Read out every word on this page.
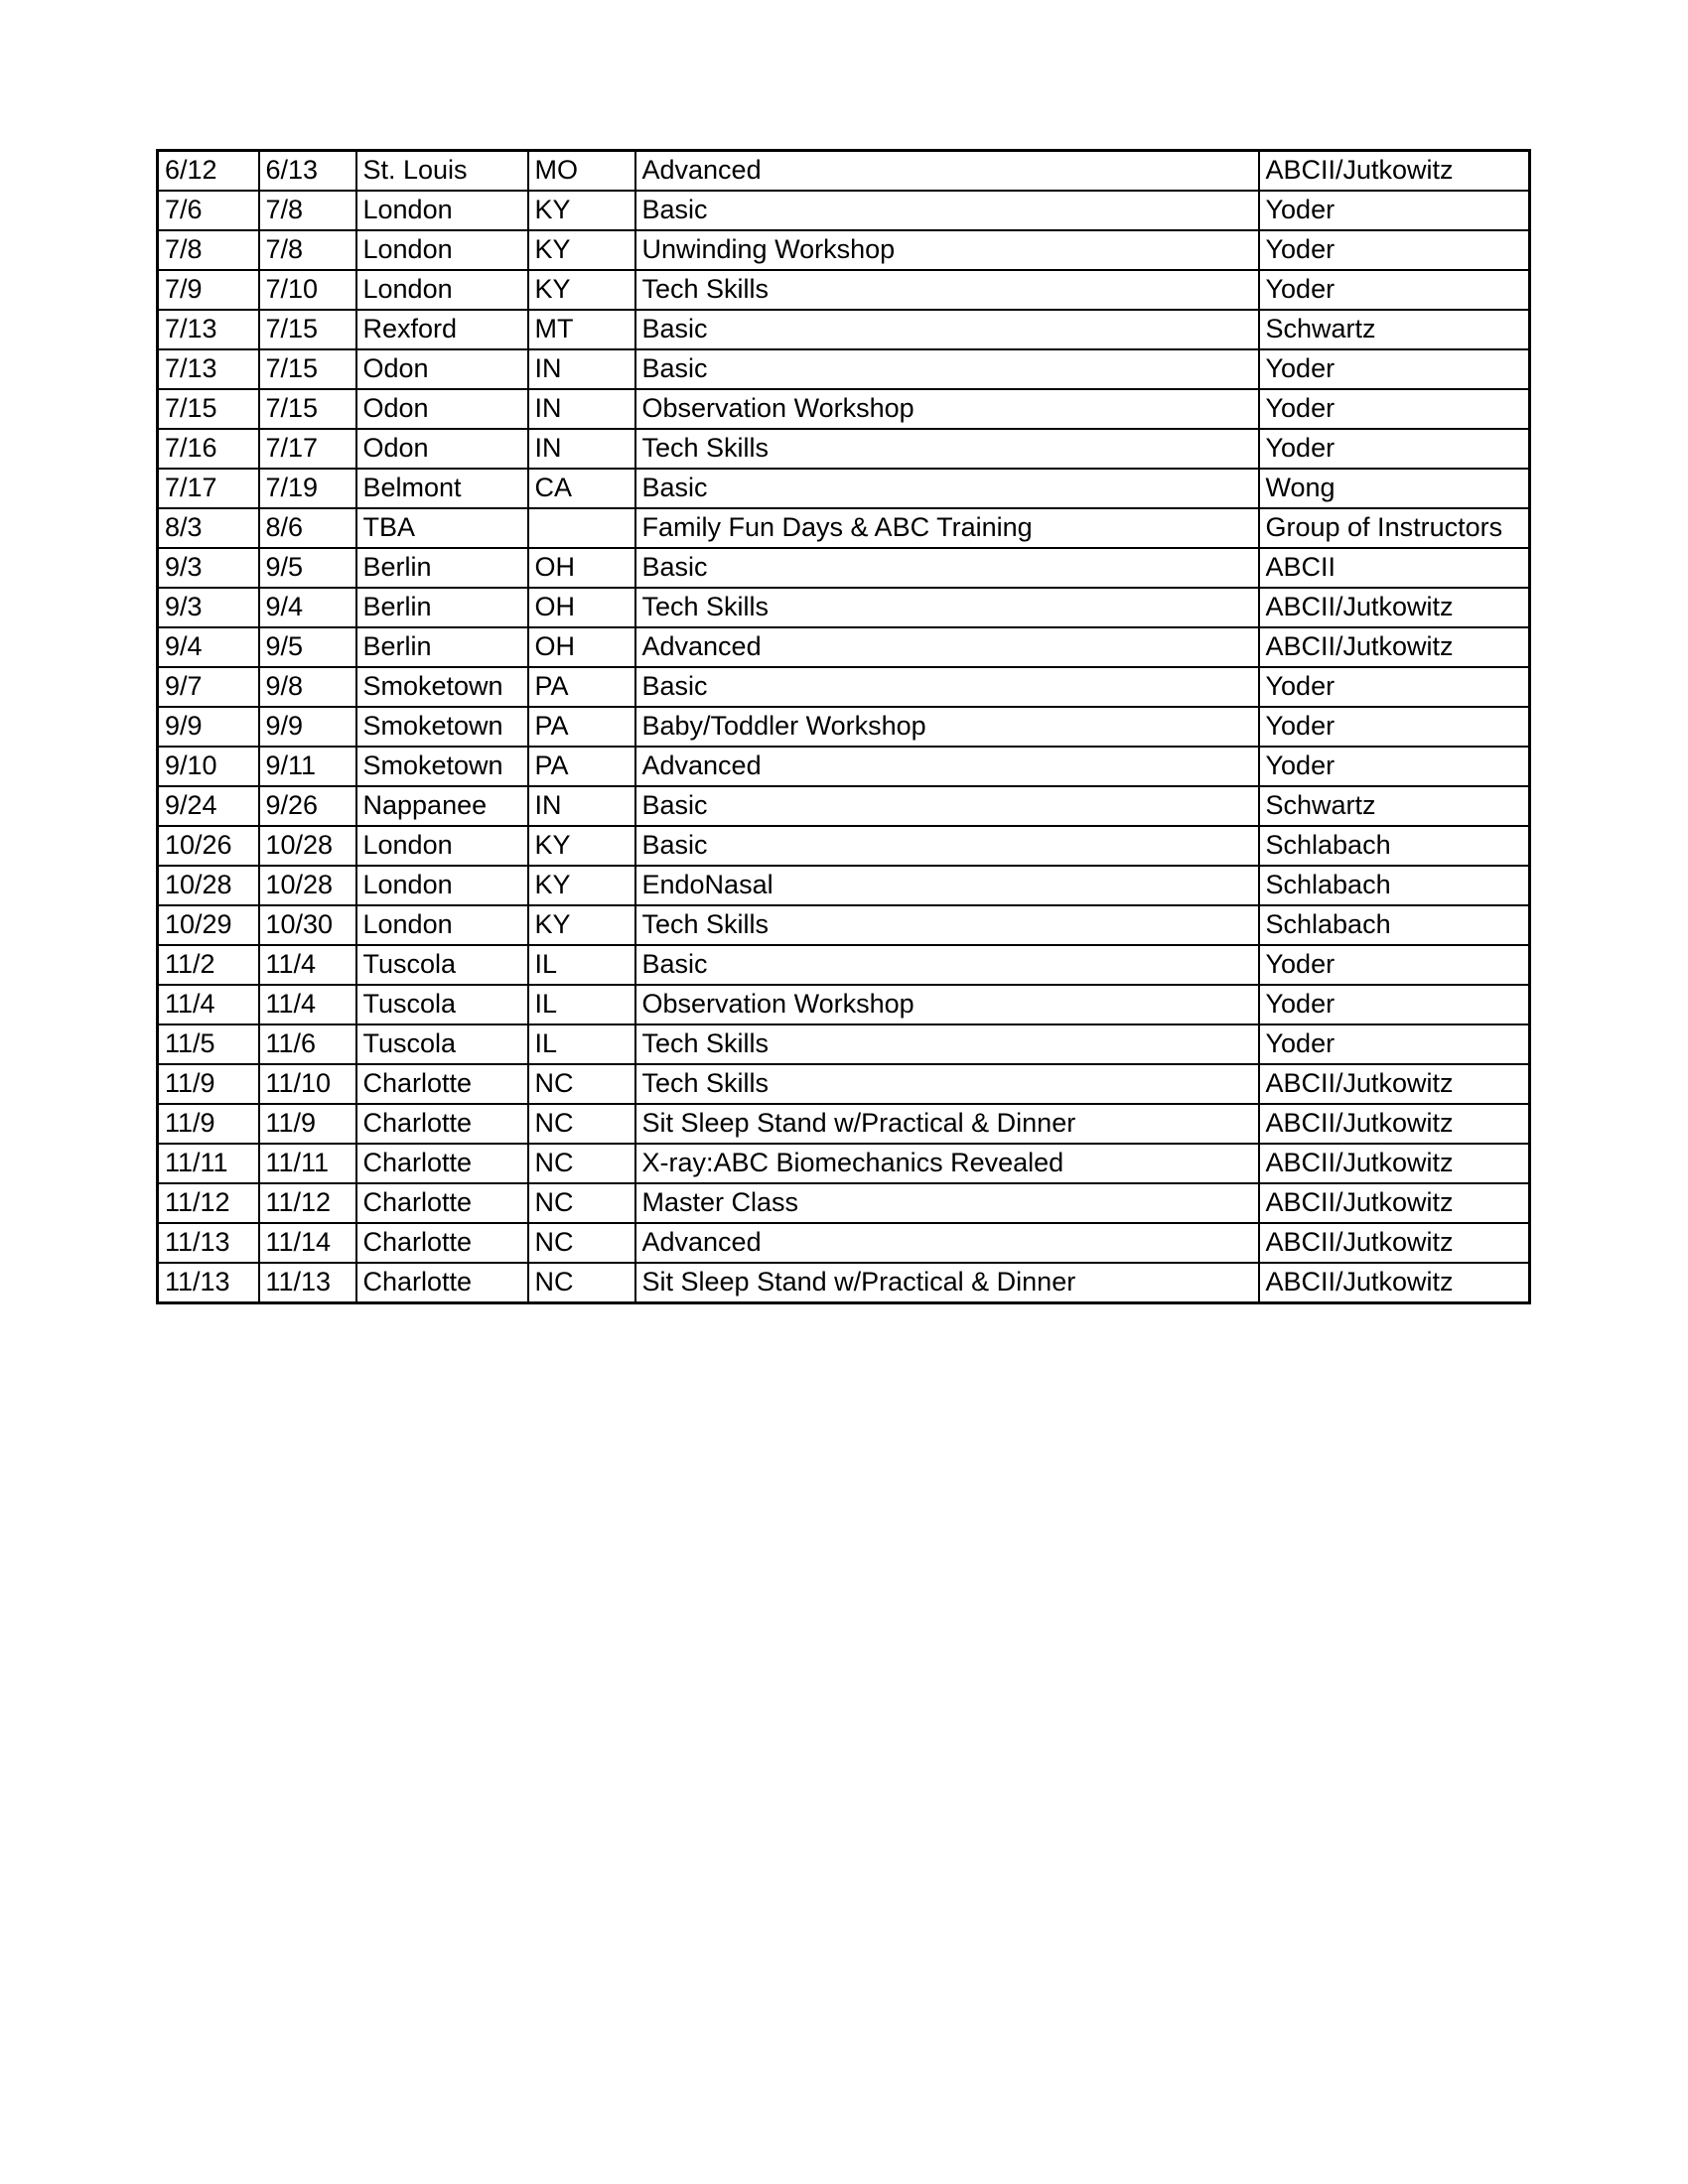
6/12	6/13	St. Louis	MO	Advanced	ABCII/Jutkowitz
7/6	7/8	London	KY	Basic	Yoder
7/8	7/8	London	KY	Unwinding Workshop	Yoder
7/9	7/10	London	KY	Tech Skills	Yoder
7/13	7/15	Rexford	MT	Basic	Schwartz
7/13	7/15	Odon	IN	Basic	Yoder
7/15	7/15	Odon	IN	Observation Workshop	Yoder
7/16	7/17	Odon	IN	Tech Skills	Yoder
7/17	7/19	Belmont	CA	Basic	Wong
8/3	8/6	TBA		Family Fun Days & ABC Training	Group of Instructors
9/3	9/5	Berlin	OH	Basic	ABCII
9/3	9/4	Berlin	OH	Tech Skills	ABCII/Jutkowitz
9/4	9/5	Berlin	OH	Advanced	ABCII/Jutkowitz
9/7	9/8	Smoketown	PA	Basic	Yoder
9/9	9/9	Smoketown	PA	Baby/Toddler Workshop	Yoder
9/10	9/11	Smoketown	PA	Advanced	Yoder
9/24	9/26	Nappanee	IN	Basic	Schwartz
10/26	10/28	London	KY	Basic	Schlabach
10/28	10/28	London	KY	EndoNasal	Schlabach
10/29	10/30	London	KY	Tech Skills	Schlabach
11/2	11/4	Tuscola	IL	Basic	Yoder
11/4	11/4	Tuscola	IL	Observation Workshop	Yoder
11/5	11/6	Tuscola	IL	Tech Skills	Yoder
11/9	11/10	Charlotte	NC	Tech Skills	ABCII/Jutkowitz
11/9	11/9	Charlotte	NC	Sit Sleep Stand w/Practical & Dinner	ABCII/Jutkowitz
11/11	11/11	Charlotte	NC	X-ray:ABC Biomechanics Revealed	ABCII/Jutkowitz
11/12	11/12	Charlotte	NC	Master Class	ABCII/Jutkowitz
11/13	11/14	Charlotte	NC	Advanced	ABCII/Jutkowitz
11/13	11/13	Charlotte	NC	Sit Sleep Stand w/Practical & Dinner	ABCII/Jutkowitz
